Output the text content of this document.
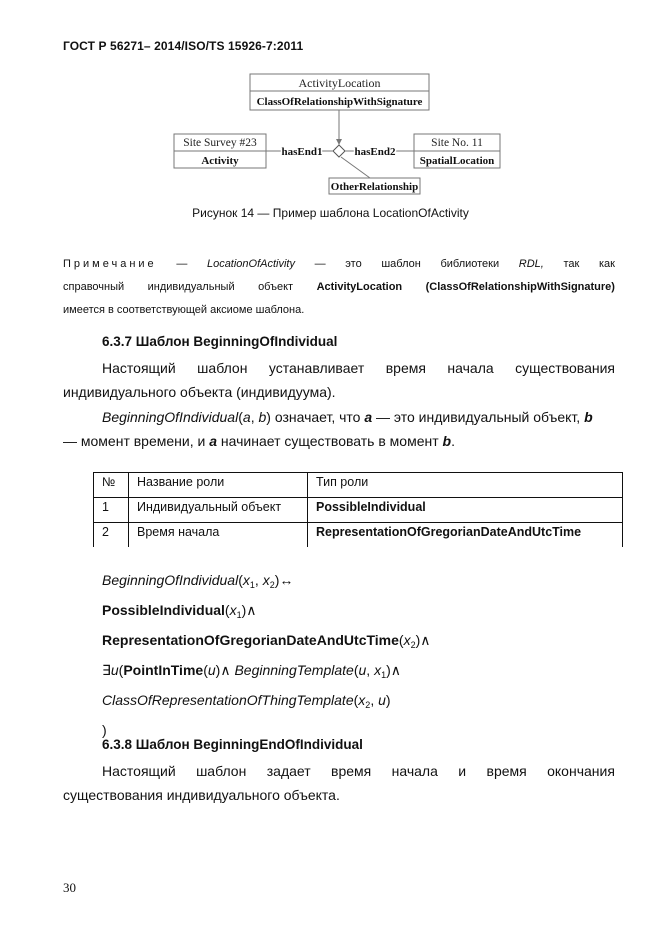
ГОСТ Р 56271– 2014/ISO/TS 15926-7:2011
ActivityLocation
ClassOfRelationshipWithSignature
Site Survey #23
Activity
Site No. 11
SpatialLocation
hasEnd1	hasEnd2
OtherRelationship
Рисунок 14 — Пример шаблона LocationOfActivity
Примечание — LocationOfActivity — это шаблон библиотеки RDL, так как
справочный индивидуальный объект ActivityLocation (ClassOfRelationshipWithSignature)
имеется в соответствующей аксиоме шаблона.
6.3.7 Шаблон BeginningOfIndividual
Настоящий шаблон устанавливает время начала существования
индивидуального объекта (индивидуума).
BeginningOfIndividual(a, b) означает, что a — это индивидуальный объект, b
— момент времени, и a начинает существовать в момент b.
№	Название роли	Тип роли
1	Индивидуальный объект	PossibleIndividual
2	Время начала	RepresentationOfGregorianDateAndUtcTime
$BeginningOfIndividual(x_1$, $x_2)\leftrightarrow$
$PossibleIndividual(x_1)\wedge$
$RepresentationOfGregorianDateAndUtcTime(x_2)\wedge$
∃u(PointInTime(u)∧ BeginningTemplate(u, $x_1)\wedge$
$ClassOfRepresentationOfThingTemplate(x_2$, u)
)
6.3.8 Шаблон BeginningEndOfIndividual
Настоящий шаблон задает время начала и время окончания
существования индивидуального объекта.
30
